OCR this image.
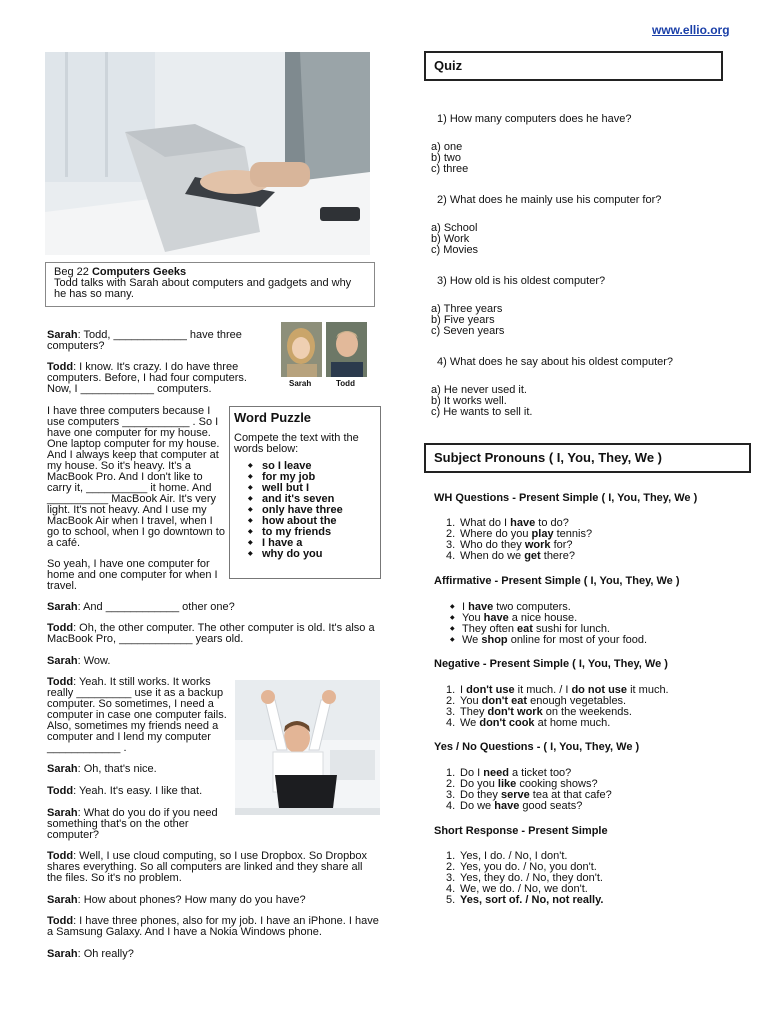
www.ellio.org

Beg 22 Computers Geeks

Todd talks with Sarah about computers and gadgets and why he has so many.

Sarah	Todd
Sarah: Todd, ____________ have three computers?
Todd: I know. It's crazy. I do have three computers. Before, I had four computers. Now, I ____________ computers.
I have three computers because I use computers ___________ . So I have one computer for my house. One laptop computer for my house. And I always keep that computer at my house. So it's heavy. It's a MacBook Pro. And I don't like to carry it, __________ it home. And __________ MacBook Air. It's very light. It's not heavy. And I use my MacBook Air when I travel, when I go to school, when I go downtown to a café.
So yeah, I have one computer for home and one computer for when I travel.
Sarah: And ____________ other one?
Todd: Oh, the other computer. The other computer is old. It's also a MacBook Pro, ____________ years old.
Sarah: Wow.
Todd: Yeah. It still works. It works really _________ use it as a backup computer. So sometimes, I need a computer in case one computer fails. Also, sometimes my friends need a computer and I lend my computer ____________ .
Sarah: Oh, that's nice.
Todd: Yeah. It's easy. I like that.
Sarah: What do you do if you need something that's on the other computer?
Todd: Well, I use cloud computing, so I use Dropbox. So Dropbox shares everything. So all computers are linked and they share all the files. So it's no problem.
Sarah: How about phones? How many do you have?
Todd: I have three phones, also for my job. I have an iPhone. I have a Samsung Galaxy. And I have a Nokia Windows phone.
Sarah: Oh really?
Word Puzzle

Compete the text with the words below:

◆ so I leave
◆ for my job
◆ well but I
◆ and it's seven
◆ only have three
◆ how about the
◆ to my friends
◆ I have a
◆ why do you
Quiz
1) How many computers does he have?

a) one

b) two

c) three

2) What does he mainly use his computer for?

a) School

b) Work

c) Movies

3) How old is his oldest computer?

a) Three years

b) Five years

c) Seven years

4) What does he say about his oldest computer?

a) He never used it.

b) It works well.

c) He wants to sell it.

Subject Pronouns ( I, You, They, We )
WH Questions - Present Simple ( I, You, They, We )
1. What do I have to do?
2. Where do you play tennis?
3. Who do they work for?
4. When do we get there?
Affirmative - Present Simple ( I, You, They, We )
◆ I have two computers.
◆ You have a nice house.
◆ They often eat sushi for lunch.
◆ We shop online for most of your food.
Negative - Present Simple ( I, You, They, We )
1. I don't use it much. / I do not use it much.
2. You don't eat enough vegetables.
3. They don't work on the weekends.
4. We don't cook at home much.
Yes / No Questions - ( I, You, They, We )
1. Do I need a ticket too?
2. Do you like cooking shows?
3. Do they serve tea at that cafe?
4. Do we have good seats?
Short Response - Present Simple
1. Yes, I do. / No, I don't.
2. Yes, you do. / No, you don't.
3. Yes, they do. / No, they don't.
4. We, we do. / No, we don't.
5. Yes, sort of. / No, not really.
